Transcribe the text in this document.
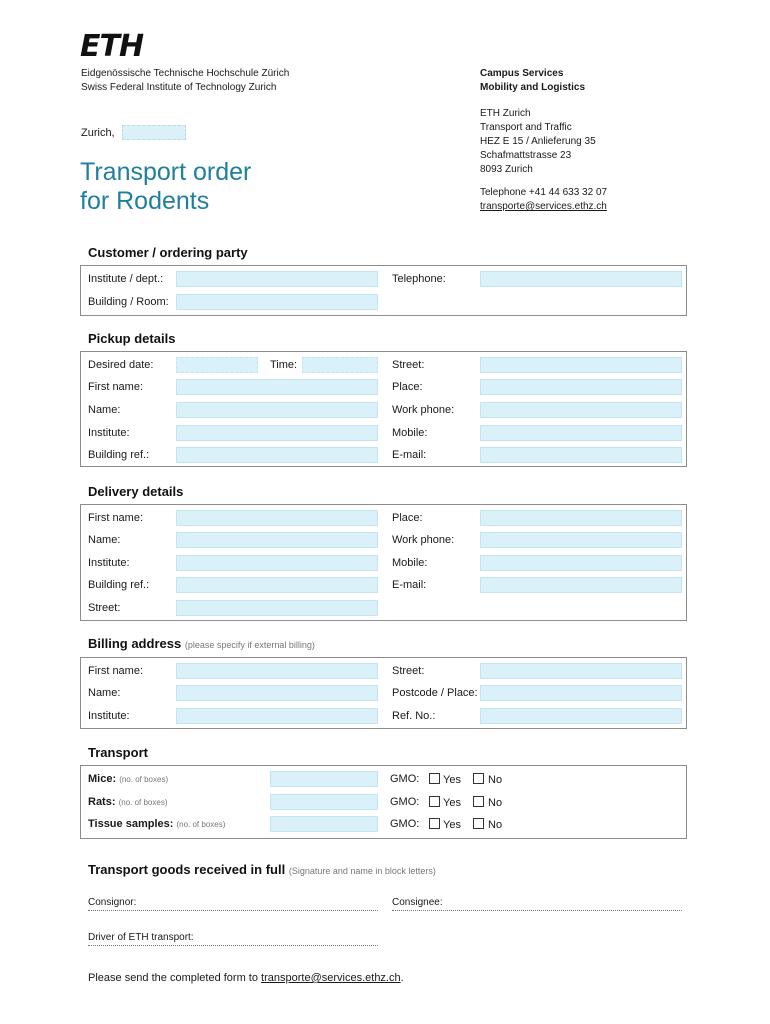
ETH
Eidgenössische Technische Hochschule Zürich
Swiss Federal Institute of Technology Zurich
Campus Services
Mobility and Logistics
ETH Zurich
Transport and Traffic
HEZ E 15 / Anlieferung 35
Schafmattstrasse 23
8093 Zurich
Telephone +41 44 633 32 07
transporte@services.ethz.ch
Zurich,
Transport order
for Rodents
Customer / ordering party
Institute / dept.:	Telephone:
Building / Room:
Pickup details
Desired date:	Time:	Street:
First name:	Place:
Name:	Work phone:
Institute:	Mobile:
Building ref.:	E-mail:
Delivery details
First name:	Place:
Name:	Work phone:
Institute:	Mobile:
Building ref.:	E-mail:
Street:
Billing address (please specify if external billing)
First name:	Street:
Name:	Postcode / Place:
Institute:	Ref. No.:
Transport
Mice: (no. of boxes)	GMO: Yes No
Rats: (no. of boxes)	GMO: Yes No
Tissue samples: (no. of boxes)	GMO: Yes No
Transport goods received in full (Signature and name in block letters)
Consignor:	Consignee:
Driver of ETH transport:
Please send the completed form to transporte@services.ethz.ch.
